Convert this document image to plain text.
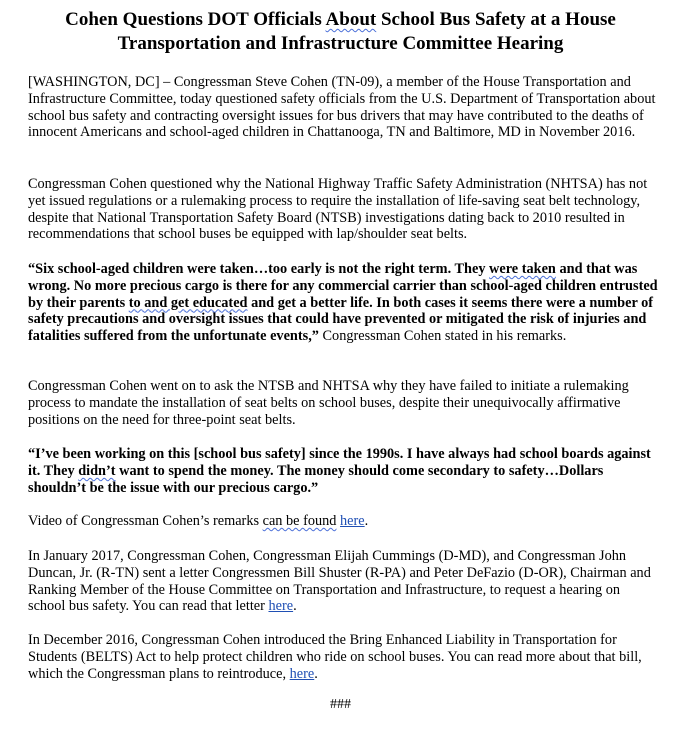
Cohen Questions DOT Officials About School Bus Safety at a House Transportation and Infrastructure Committee Hearing

[WASHINGTON, DC] – Congressman Steve Cohen (TN-09), a member of the House Transportation and Infrastructure Committee, today questioned safety officials from the U.S. Department of Transportation about school bus safety and contracting oversight issues for bus drivers that may have contributed to the deaths of innocent Americans and school-aged children in Chattanooga, TN and Baltimore, MD in November 2016.

Congressman Cohen questioned why the National Highway Traffic Safety Administration (NHTSA) has not yet issued regulations or a rulemaking process to require the installation of life-saving seat belt technology, despite that National Transportation Safety Board (NTSB) investigations dating back to 2010 resulted in recommendations that school buses be equipped with lap/shoulder seat belts.

“Six school-aged children were taken…too early is not the right term. They were taken and that was wrong. No more precious cargo is there for any commercial carrier than school-aged children entrusted by their parents to and get educated and get a better life. In both cases it seems there were a number of safety precautions and oversight issues that could have prevented or mitigated the risk of injuries and fatalities suffered from the unfortunate events,” Congressman Cohen stated in his remarks.

Congressman Cohen went on to ask the NTSB and NHTSA why they have failed to initiate a rulemaking process to mandate the installation of seat belts on school buses, despite their unequivocally affirmative positions on the need for three-point seat belts.

“I’ve been working on this [school bus safety] since the 1990s. I have always had school boards against it. They didn’t want to spend the money. The money should come secondary to safety…Dollars shouldn’t be the issue with our precious cargo.”

Video of Congressman Cohen’s remarks can be found here.

In January 2017, Congressman Cohen, Congressman Elijah Cummings (D-MD), and Congressman John Duncan, Jr. (R-TN) sent a letter Congressmen Bill Shuster (R-PA) and Peter DeFazio (D-OR), Chairman and Ranking Member of the House Committee on Transportation and Infrastructure, to request a hearing on school bus safety. You can read that letter here.

In December 2016, Congressman Cohen introduced the Bring Enhanced Liability in Transportation for Students (BELTS) Act to help protect children who ride on school buses. You can read more about that bill, which the Congressman plans to reintroduce, here.

###
